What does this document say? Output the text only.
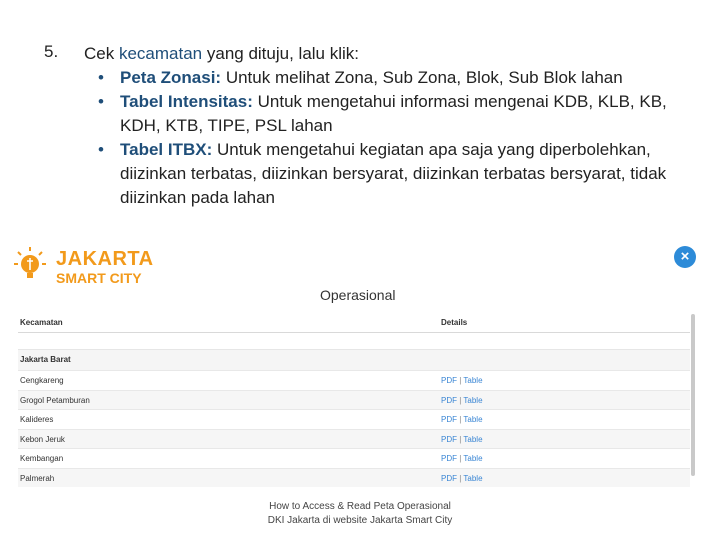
5. Cek kecamatan yang dituju, lalu klik:
• Peta Zonasi: Untuk melihat Zona, Sub Zona, Blok, Sub Blok lahan
• Tabel Intensitas: Untuk mengetahui informasi mengenai KDB, KLB, KB, KDH, KTB, TIPE, PSL lahan
• Tabel ITBX: Untuk mengetahui kegiatan apa saja yang diperbolehkan, diizinkan terbatas, diizinkan bersyarat, diizinkan terbatas bersyarat, tidak diizinkan pada lahan
JAKARTA
SMART CITY
×
Operasional
Kecamatan	Details
Jakarta Barat
Cengkareng	PDF | Table
Grogol Petamburan	PDF | Table
Kalideres	PDF | Table
Kebon Jeruk	PDF | Table
Kembangan	PDF | Table
Palmerah	PDF | Table
How to Access & Read Peta Operasional
DKI Jakarta di website Jakarta Smart City
